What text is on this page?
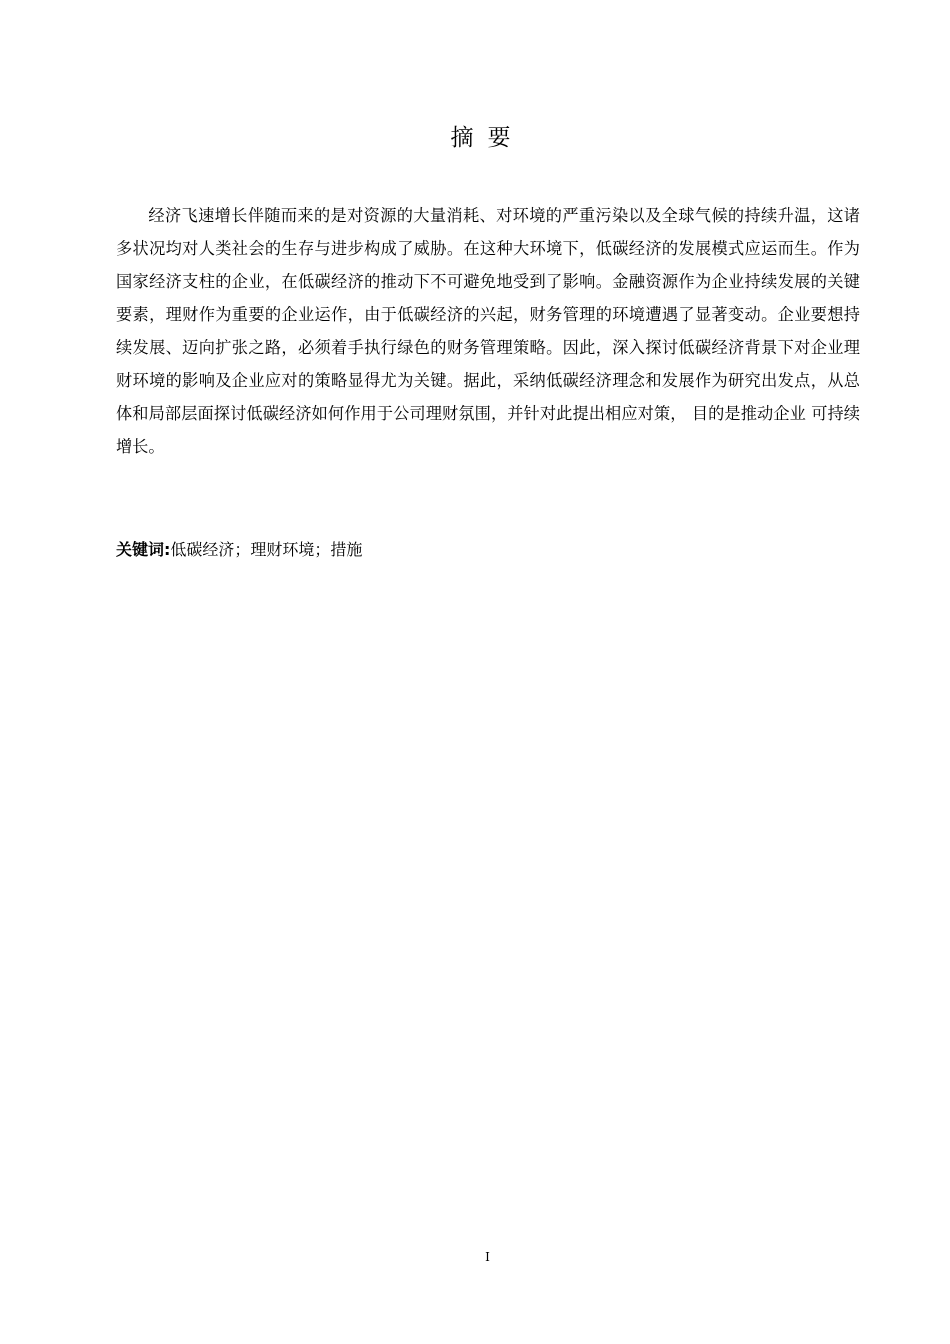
摘要

经济飞速增长伴随而来的是对资源的大量消耗、对环境的严重污染以及全球气候的持续升温，这诸多状况均对人类社会的生存与进步构成了威胁。在这种大环境下，低碳经济的发展模式应运而生。作为国家经济支柱的企业，在低碳经济的推动下不可避免地受到了影响。金融资源作为企业持续发展的关键要素，理财作为重要的企业运作，由于低碳经济的兴起，财务管理的环境遭遇了显著变动。企业要想持续发展、迈向扩张之路，必须着手执行绿色的财务管理策略。因此，深入探讨低碳经济背景下对企业理财环境的影响及企业应对的策略显得尤为关键。据此，采纳低碳经济理念和发展作为研究出发点，从总体和局部层面探讨低碳经济如何作用于公司理财氛围，并针对此提出相应对策， 目的是推动企业 可持续增长。

关键词:低碳经济；理财环境；措施
I
